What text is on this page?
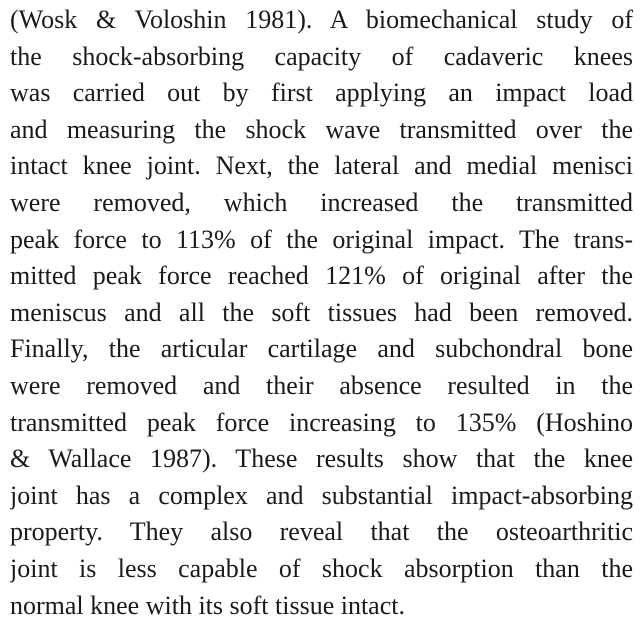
(Wosk & Voloshin 1981). A biomechanical study of
the shock-absorbing capacity of cadaveric knees
was carried out by first applying an impact load
and measuring the shock wave transmitted over the
intact knee joint. Next, the lateral and medial menisci
were removed, which increased the transmitted
peak force to 113% of the original impact. The trans-
mitted peak force reached 121% of original after the
meniscus and all the soft tissues had been removed.
Finally, the articular cartilage and subchondral bone
were removed and their absence resulted in the
transmitted peak force increasing to 135% (Hoshino
& Wallace 1987). These results show that the knee
joint has a complex and substantial impact-absorbing
property. They also reveal that the osteoarthritic
joint is less capable of shock absorption than the
normal knee with its soft tissue intact.
